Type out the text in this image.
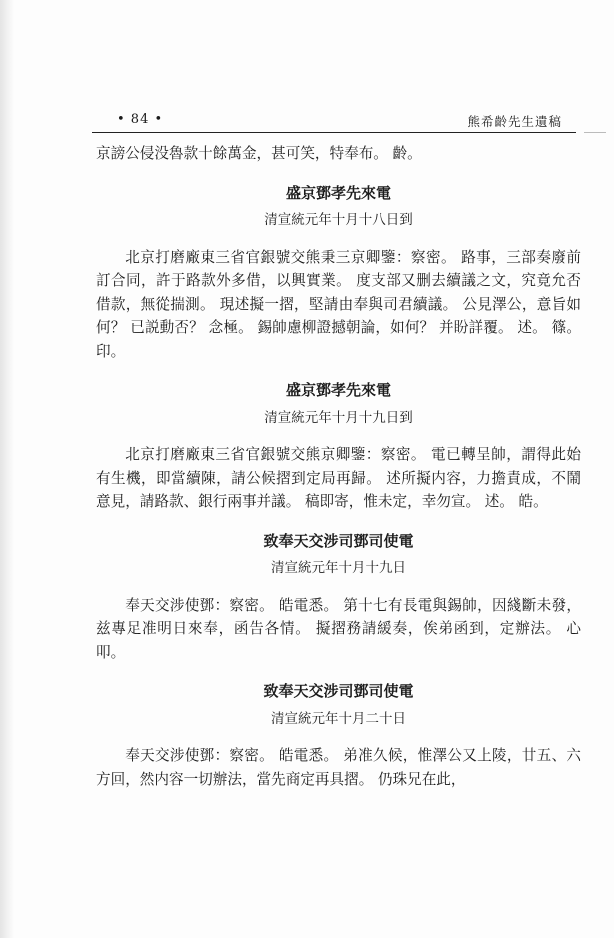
• 84 •	熊希齡先生遺稿

京謗公侵没魯款十餘萬金，甚可笑，特奉布。 齡。

盛京鄧孝先來電
清宣統元年十月十八日到

北京打磨廠東三省官銀號交熊秉三京卿鑒：察密。 路事，三部奏廢前訂合同，許于路款外多借，以興實業。 度支部又删去續議之文，究竟允否借款，無從揣測。 現述擬一摺，堅請由奉與司君續議。 公見澤公，意旨如何？ 已説動否？ 念極。 錫帥慮柳證撼朝論，如何？ 并盼詳覆。 述。 篠。 印。

盛京鄧孝先來電
清宣統元年十月十九日到

北京打磨廠東三省官銀號交熊京卿鑒：察密。 電已轉呈帥，謂得此始有生機，即當續陳，請公候摺到定局再歸。 述所擬内容，力擔責成，不鬧意見，請路款、銀行兩事并議。 稿即寄，惟未定，幸勿宣。 述。 皓。

致奉天交涉司鄧司使電
清宣統元年十月十九日

奉天交涉使鄧：察密。 皓電悉。 第十七有長電與錫帥，因綫斷未發，兹專足准明日來奉，函告各情。 擬摺務請緩奏，俟弟函到，定辦法。 心叩。

致奉天交涉司鄧司使電
清宣統元年十月二十日

奉天交涉使鄧：察密。 皓電悉。 弟准久候，惟澤公又上陵，廿五、六方回，然内容一切辦法，當先商定再具摺。 仍珠兄在此，
